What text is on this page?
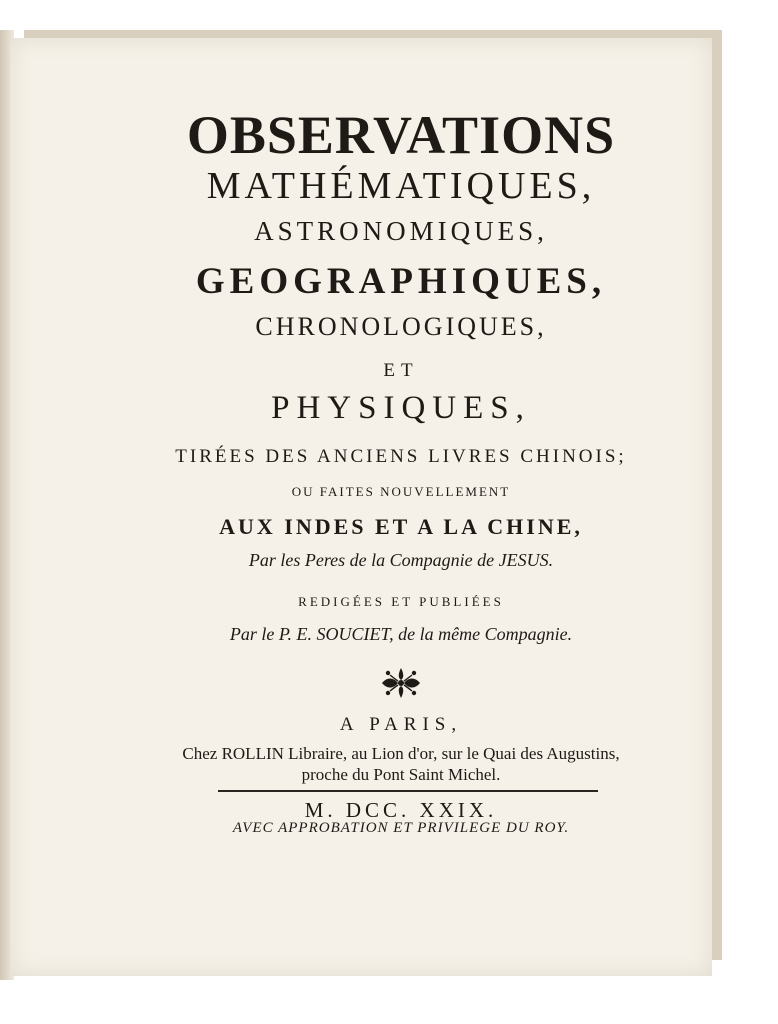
OBSERVATIONS
MATHÉMATIQUES,
ASTRONOMIQUES,
GEOGRAPHIQUES,
CHRONOLOGIQUES,
ET
PHYSIQUES,
TIRÉES DES ANCIENS LIVRES CHINOIS;
OU FAITES NOUVELLEMENT
AUX INDES ET A LA CHINE,
Par les Peres de la Compagnie de JESUS.
REDIGÉES ET PUBLIÉES
Par le P. E. SOUCIET, de la même Compagnie.
A PARIS,
Chez ROLLIN Libraire, au Lion d'or, sur le Quai des Augustins,
proche du Pont Saint Michel.
M. DCC. XXIX.
AVEC APPROBATION ET PRIVILEGE DU ROY.
